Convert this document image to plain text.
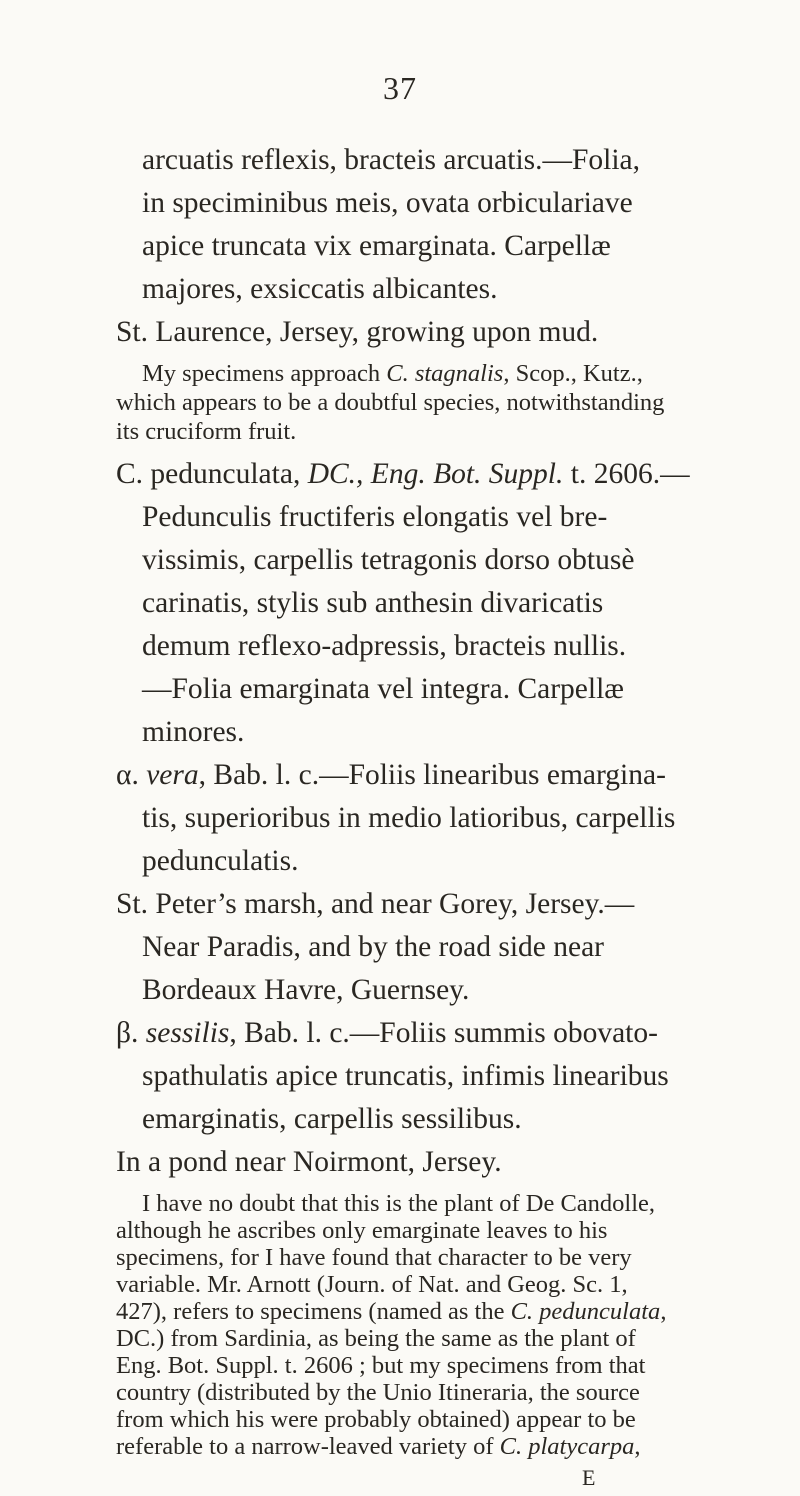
37
arcuatis reflexis, bracteis arcuatis.—Folia,
in speciminibus meis, ovata orbiculariave
apice truncata vix emarginata. Carpellæ
majores, exsiccatis albicantes.
St. Laurence, Jersey, growing upon mud.
My specimens approach C. stagnalis, Scop., Kutz.,
which appears to be a doubtful species, notwithstanding
its cruciform fruit.
C. pedunculata, DC., Eng. Bot. Suppl. t. 2606.—
Pedunculis fructiferis elongatis vel bre-
vissimis, carpellis tetragonis dorso obtusè
carinatis, stylis sub anthesin divaricatis
demum reflexo-adpressis, bracteis nullis.
—Folia emarginata vel integra. Carpellæ
minores.
α. vera, Bab. l. c.—Foliis linearibus emargina-
tis, superioribus in medio latioribus, carpellis
pedunculatis.
St. Peter’s marsh, and near Gorey, Jersey.—
Near Paradis, and by the road side near
Bordeaux Havre, Guernsey.
β. sessilis, Bab. l. c.—Foliis summis obovato-
spathulatis apice truncatis, infimis linearibus
emarginatis, carpellis sessilibus.
In a pond near Noirmont, Jersey.
I have no doubt that this is the plant of De Candolle,
although he ascribes only emarginate leaves to his
specimens, for I have found that character to be very
variable. Mr. Arnott (Journ. of Nat. and Geog. Sc. 1,
427), refers to specimens (named as the C. pedunculata,
DC.) from Sardinia, as being the same as the plant of
Eng. Bot. Suppl. t. 2606 ; but my specimens from that
country (distributed by the Unio Itineraria, the source
from which his were probably obtained) appear to be
referable to a narrow-leaved variety of C. platycarpa,
E
